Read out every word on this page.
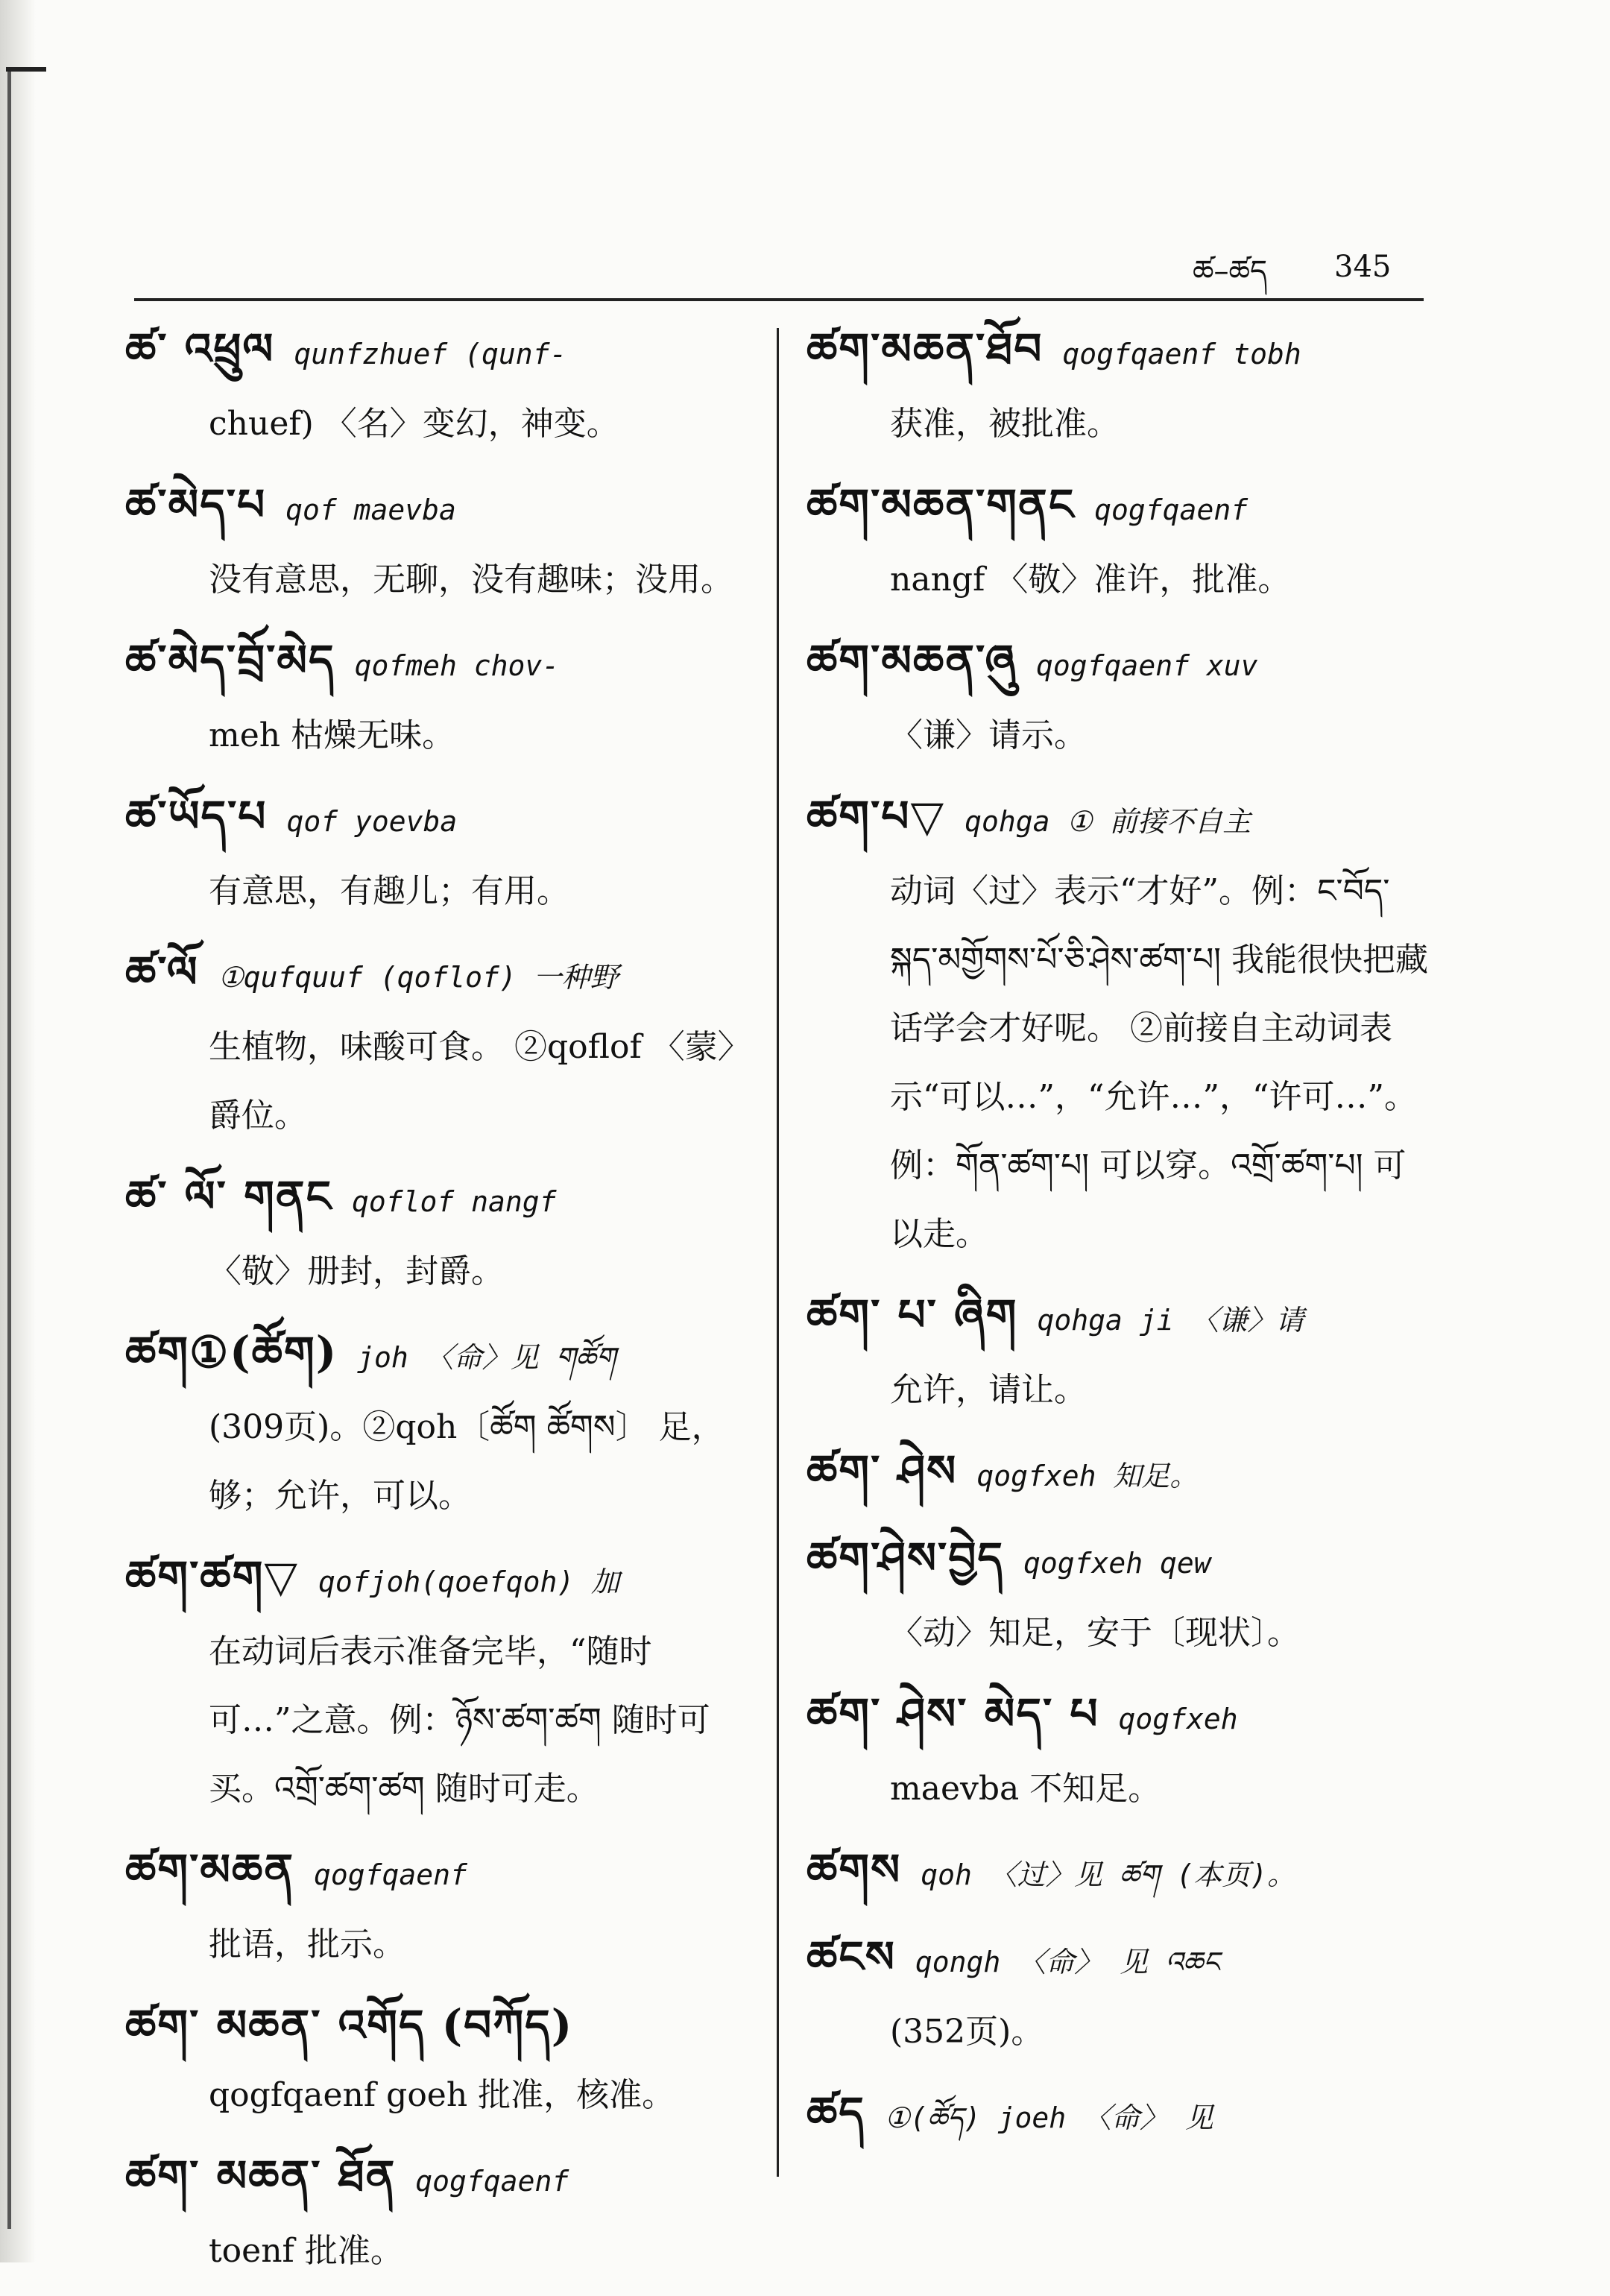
ཚ–ཚད 345
ཚ་ འཕྲུལ qunfzhuef (qunf-
chuef) 〈名〉变幻，神变。
ཚ་མེད་པ qof maevba
没有意思，无聊，没有趣味；没用。
ཚ་མེད་བྲོ་མེད qofmeh chov-
meh 枯燥无味。
ཚ་ཡོད་པ qof yoevba
有意思，有趣儿；有用。
ཚ་ལོ ①qufquuf (qoflof) 一种野
生植物，味酸可食。 ②qoflof 〈蒙〉爵位。
ཚ་ ལོ་ གནང qoflof nangf
〈敬〉册封，封爵。
ཚག①(ཚོག) joh 〈命〉见 གཚོག
(309页)。②qoh〔ཚོག ཚོགས〕 足，够；允许，可以。
ཚག་ཚག▽ qofjoh(qoefqoh) 加
在动词后表示准备完毕，“随时可…”之意。例：ཉོས་ཚག་ཚག 随时可买。འགྲོ་ཚག་ཚག 随时可走。
ཚག་མཆན qogfqaenf
批语，批示。
ཚག་ མཆན་ འགོད (བཀོད)
qogfqaenf goeh 批准，核准。
ཚག་ མཆན་ ཐོན qogfqaenf
toenf 批准。
ཚག་མཆན་ཐོབ qogfqaenf tobh
获准，被批准。
ཚག་མཆན་གནང qogfqaenf
nangf 〈敬〉准许，批准。
ཚག་མཆན་ཞུ qogfqaenf xuv
〈谦〉请示。
ཚག་པ▽ qohga ① 前接不自主
动词〈过〉表示“才好”。例：ང་བོད་སྐད་མགྱོགས་པོ་ཅི་ཤེས་ཚག་པ། 我能很快把藏话学会才好呢。 ②前接自主动词表示“可以…”，“允许…”，“许可…”。例：གོན་ཚག་པ། 可以穿。འགྲོ་ཚག་པ། 可以走。
ཚག་ པ་ ཞིག qohga ji 〈谦〉请
允许，请让。
ཚག་ ཤེས qogfxeh 知足。
ཚག་ཤེས་བྱེད qogfxeh qew
〈动〉知足，安于〔现状〕。
ཚག་ ཤེས་ མེད་ པ qogfxeh
maevba 不知足。
ཚགས qoh 〈过〉见 ཚག (本页)。
ཚངས qongh 〈命〉 见 འཆང
(352页)。
ཚད ①(ཚོད) joeh 〈命〉 见
